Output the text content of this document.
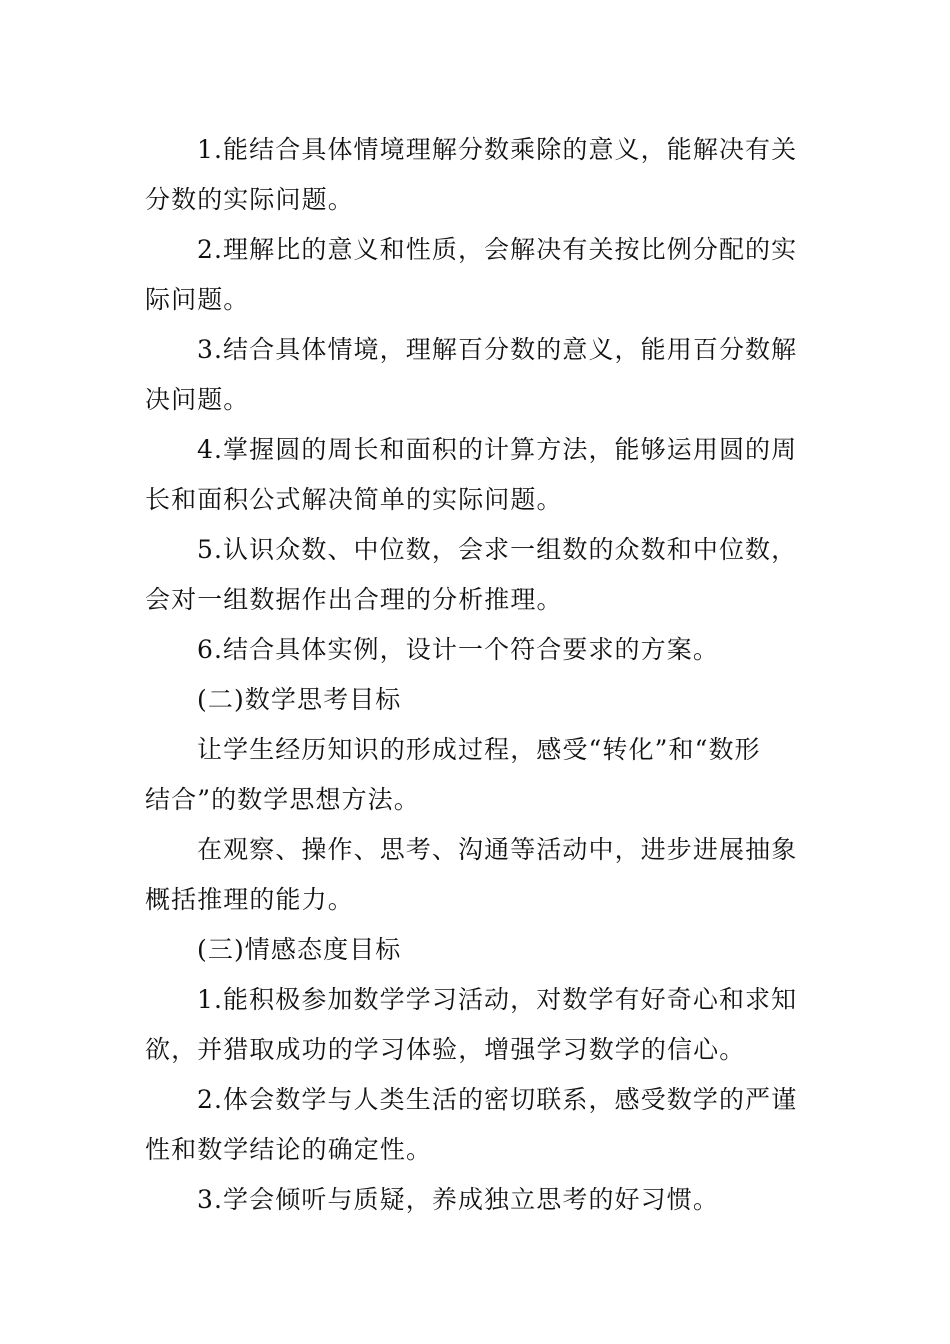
1.能结合具体情境理解分数乘除的意义，能解决有关
分数的实际问题。
2.理解比的意义和性质，会解决有关按比例分配的实
际问题。
3.结合具体情境，理解百分数的意义，能用百分数解
决问题。
4.掌握圆的周长和面积的计算方法，能够运用圆的周
长和面积公式解决简单的实际问题。
5.认识众数、中位数，会求一组数的众数和中位数，
会对一组数据作出合理的分析推理。
6.结合具体实例，设计一个符合要求的方案。
(二)数学思考目标
让学生经历知识的形成过程，感受“转化”和“数形
结合”的数学思想方法。
在观察、操作、思考、沟通等活动中，进步进展抽象
概括推理的能力。
(三)情感态度目标
1.能积极参加数学学习活动，对数学有好奇心和求知
欲，并猎取成功的学习体验，增强学习数学的信心。
2.体会数学与人类生活的密切联系，感受数学的严谨
性和数学结论的确定性。
3.学会倾听与质疑，养成独立思考的好习惯。
